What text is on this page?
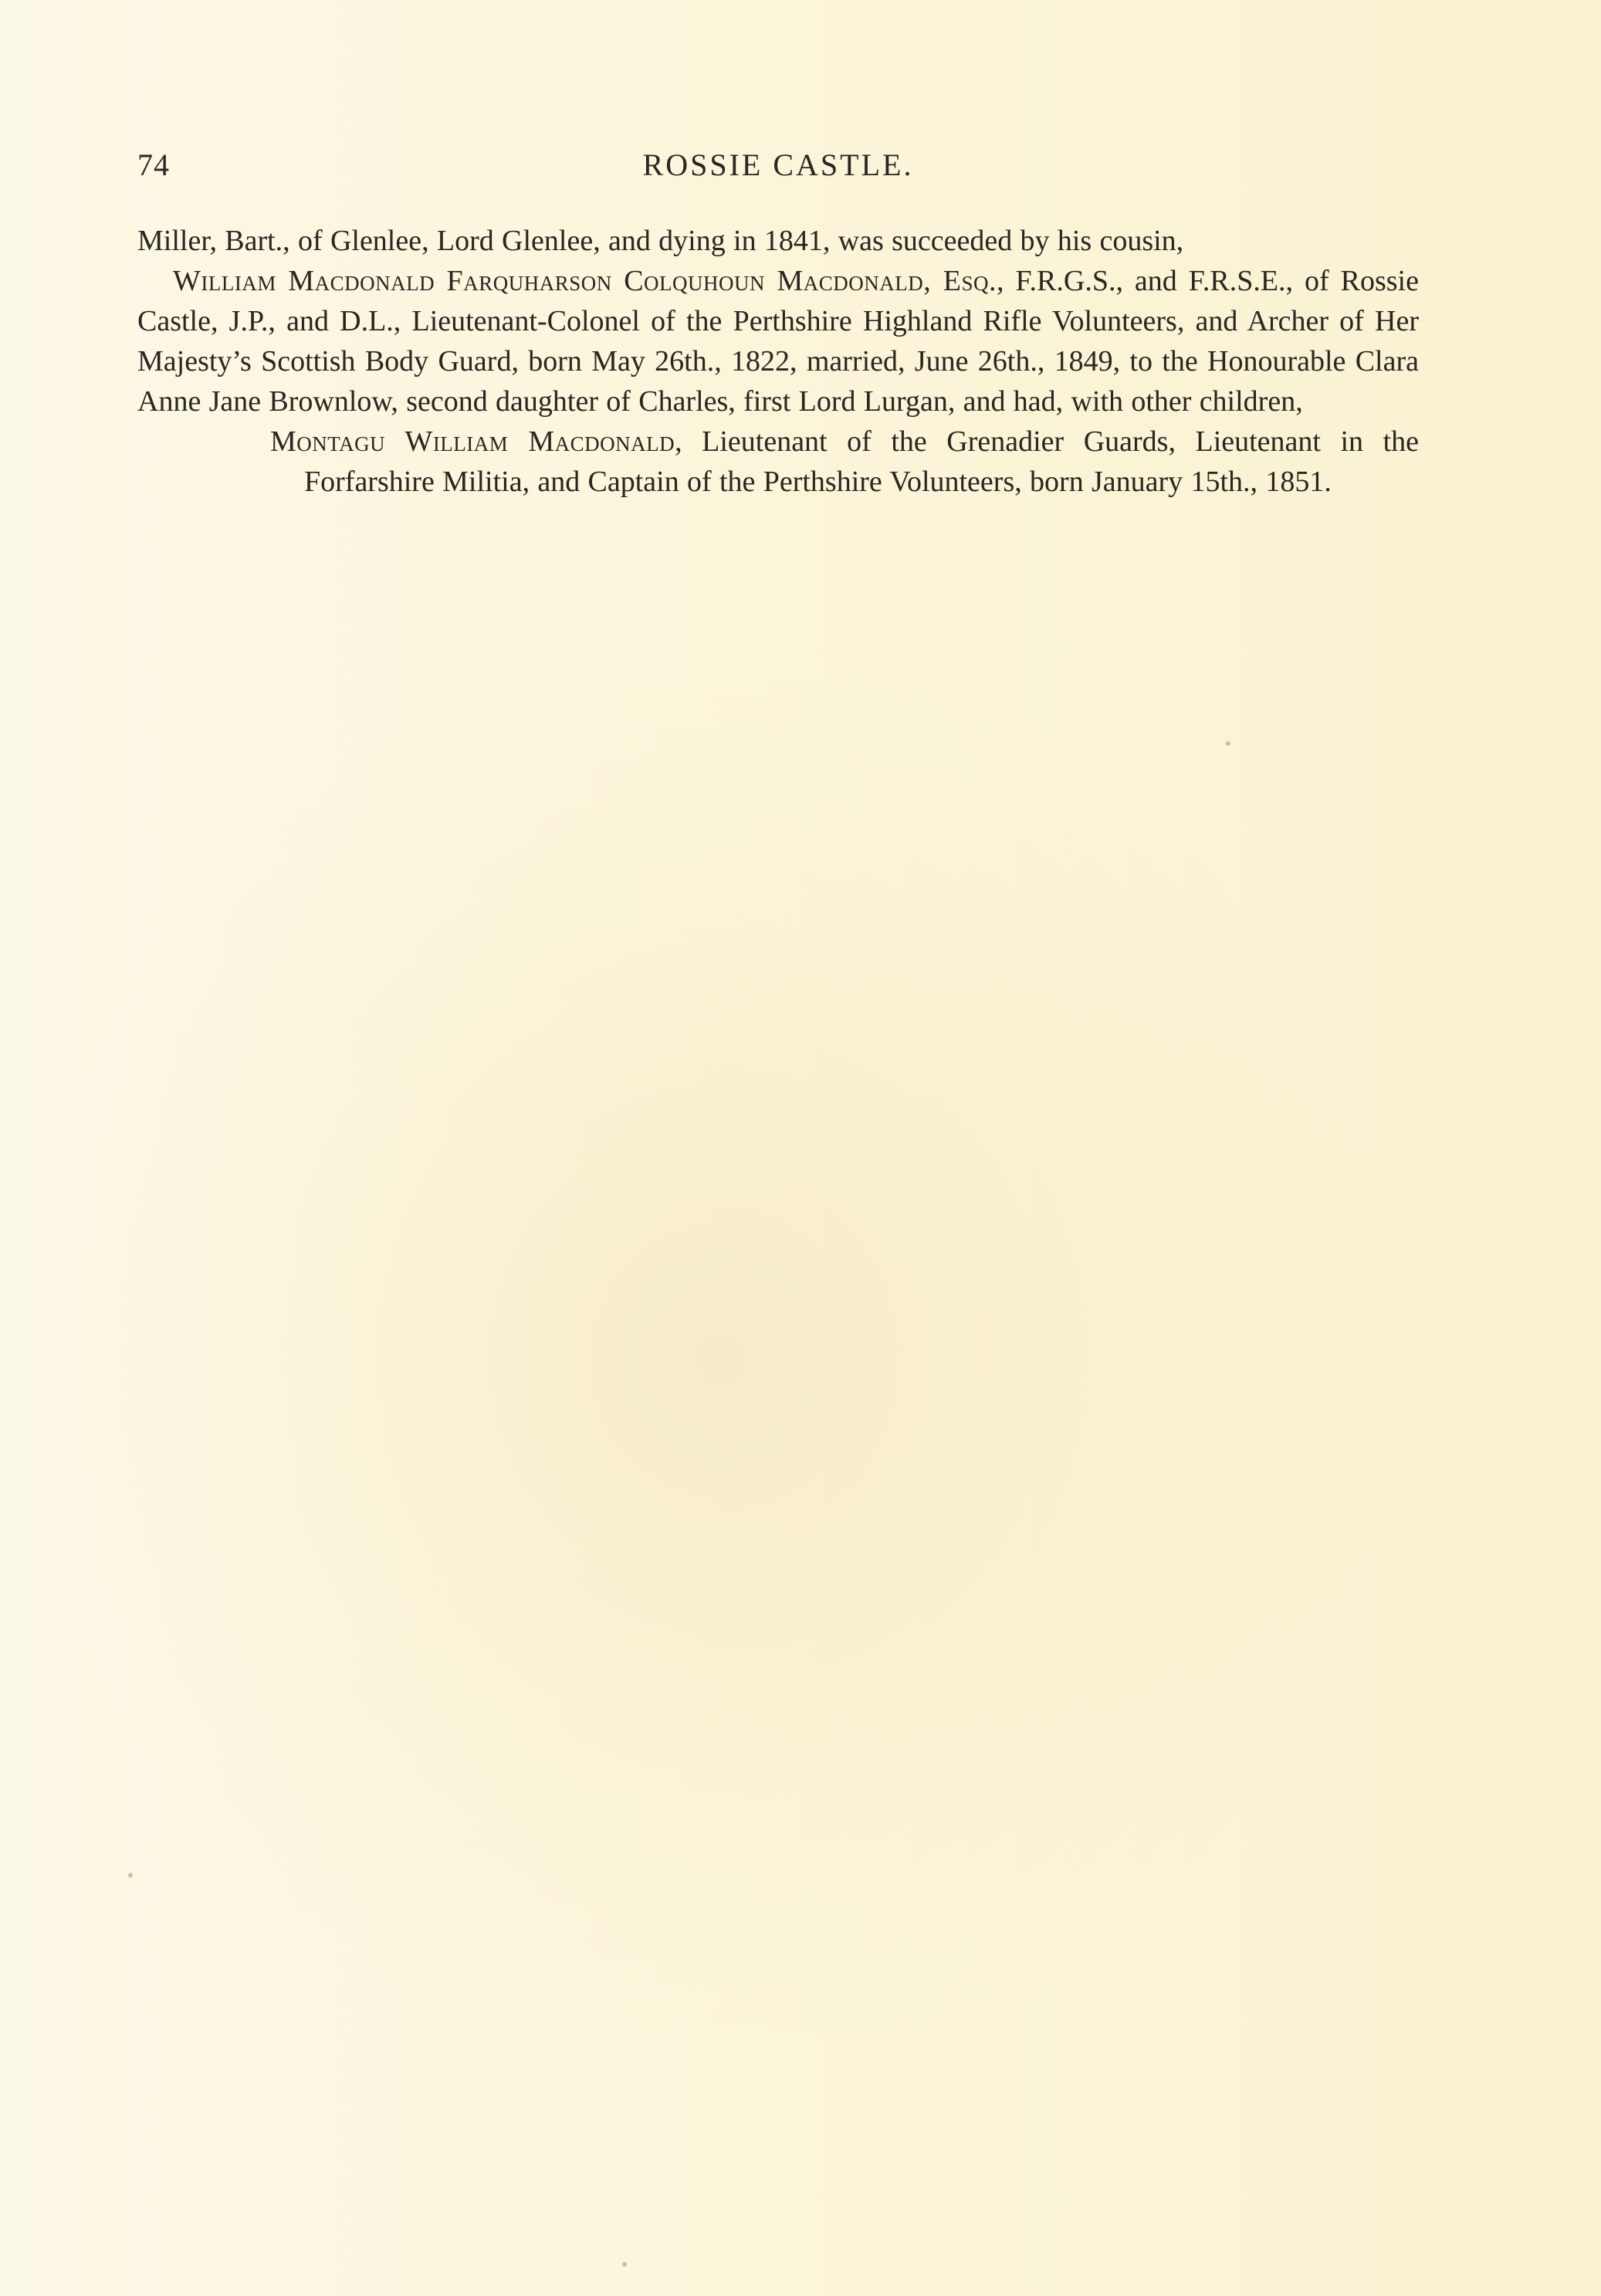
74	ROSSIE CASTLE.

Miller, Bart., of Glenlee, Lord Glenlee, and dying in 1841, was succeeded by his cousin,

William Macdonald Farquharson Colquhoun Macdonald, Esq., F.R.G.S., and F.R.S.E., of Rossie Castle, J.P., and D.L., Lieutenant-Colonel of the Perthshire Highland Rifle Volunteers, and Archer of Her Majesty’s Scottish Body Guard, born May 26th., 1822, married, June 26th., 1849, to the Honourable Clara Anne Jane Brownlow, second daughter of Charles, first Lord Lurgan, and had, with other children,

Montagu William Macdonald, Lieutenant of the Grenadier Guards, Lieutenant in the Forfarshire Militia, and Captain of the Perthshire Volunteers, born January 15th., 1851.
